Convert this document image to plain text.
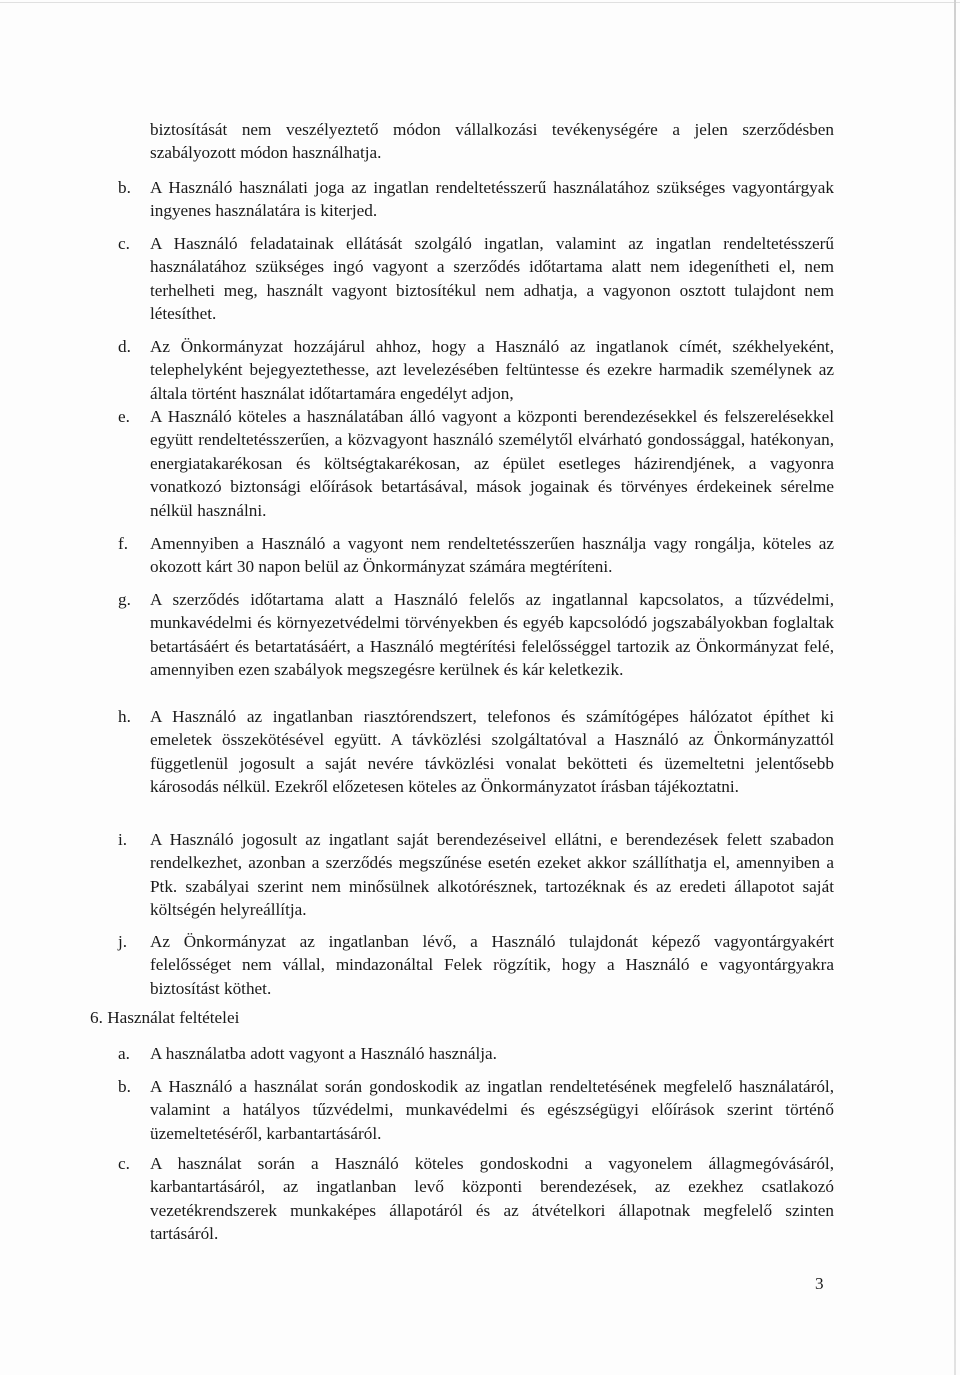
biztosítását nem veszélyeztető módon vállalkozási tevékenységére a jelen szerződésben szabályozott módon használhatja.
b.	A Használó használati joga az ingatlan rendeltetésszerű használatához szükséges vagyontárgyak ingyenes használatára is kiterjed.
c.	A Használó feladatainak ellátását szolgáló ingatlan, valamint az ingatlan rendeltetésszerű használatához szükséges ingó vagyont a szerződés időtartama alatt nem idegenítheti el, nem terhelheti meg, használt vagyont biztosítékul nem adhatja, a vagyonon osztott tulajdont nem létesíthet.
d.	Az Önkormányzat hozzájárul ahhoz, hogy a Használó az ingatlanok címét, székhelyeként, telephelyként bejegyeztethesse, azt levelezésében feltüntesse és ezekre harmadik személynek az általa történt használat időtartamára engedélyt adjon,
e.	A Használó köteles a használatában álló vagyont a központi berendezésekkel és felszerelésekkel együtt rendeltetésszerűen, a közvagyont használó személytől elvárható gondossággal, hatékonyan, energiatakarékosan és költségtakarékosan, az épület esetleges házirendjének, a vagyonra vonatkozó biztonsági előírások betartásával, mások jogainak és törvényes érdekeinek sérelme nélkül használni.
f.	Amennyiben a Használó a vagyont nem rendeltetésszerűen használja vagy rongálja, köteles az okozott kárt 30 napon belül az Önkormányzat számára megtéríteni.
g.	A szerződés időtartama alatt a Használó felelős az ingatlannal kapcsolatos, a tűzvédelmi, munkavédelmi és környezetvédelmi törvényekben és egyéb kapcsolódó jogszabályokban foglaltak betartásáért és betartatásáért, a Használó megtérítési felelősséggel tartozik az Önkormányzat felé, amennyiben ezen szabályok megszegésre kerülnek és kár keletkezik.
h.	A Használó az ingatlanban riasztórendszert, telefonos és számítógépes hálózatot építhet ki emeletek összekötésével együtt. A távközlési szolgáltatóval a Használó az Önkormányzattól függetlenül jogosult a saját nevére távközlési vonalat bekötteti és üzemeltetni jelentősebb károsodás nélkül. Ezekről előzetesen köteles az Önkormányzatot írásban tájékoztatni.
i.	A Használó jogosult az ingatlant saját berendezéseivel ellátni, e berendezések felett szabadon rendelkezhet, azonban a szerződés megszűnése esetén ezeket akkor szállíthatja el, amennyiben a Ptk. szabályai szerint nem minősülnek alkotórésznek, tartozéknak és az eredeti állapotot saját költségén helyreállítja.
j.	Az Önkormányzat az ingatlanban lévő, a Használó tulajdonát képező vagyontárgyakért felelősséget nem vállal, mindazonáltal Felek rögzítik, hogy a Használó e vagyontárgyakra biztosítást köthet.
6. Használat feltételei
a.	A használatba adott vagyont a Használó használja.
b.	A Használó a használat során gondoskodik az ingatlan rendeltetésének megfelelő használatáról, valamint a hatályos tűzvédelmi, munkavédelmi és egészségügyi előírások szerint történő üzemeltetéséről, karbantartásáról.
c.	A használat során a Használó köteles gondoskodni a vagyonelem állagmegóvásáról, karbantartásáról, az ingatlanban levő központi berendezések, az ezekhez csatlakozó vezetékrendszerek munkaképes állapotáról és az átvételkori állapotnak megfelelő szinten tartásáról.
3
